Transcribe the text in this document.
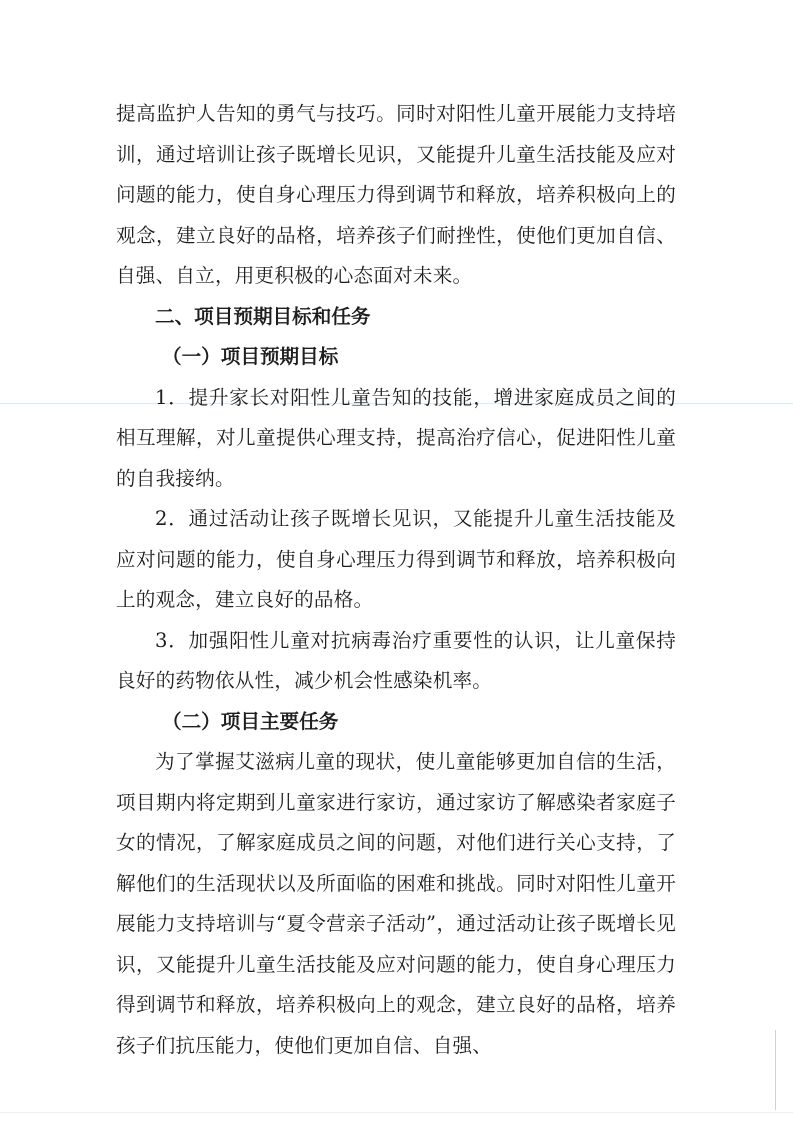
提高监护人告知的勇气与技巧。同时对阳性儿童开展能力支持培训，通过培训让孩子既增长见识，又能提升儿童生活技能及应对问题的能力，使自身心理压力得到调节和释放，培养积极向上的观念，建立良好的品格，培养孩子们耐挫性，使他们更加自信、自强、自立，用更积极的心态面对未来。

二、项目预期目标和任务

（一）项目预期目标

1．提升家长对阳性儿童告知的技能，增进家庭成员之间的相互理解，对儿童提供心理支持，提高治疗信心，促进阳性儿童的自我接纳。

2．通过活动让孩子既增长见识，又能提升儿童生活技能及应对问题的能力，使自身心理压力得到调节和释放，培养积极向上的观念，建立良好的品格。

3．加强阳性儿童对抗病毒治疗重要性的认识，让儿童保持良好的药物依从性，减少机会性感染机率。

（二）项目主要任务

为了掌握艾滋病儿童的现状，使儿童能够更加自信的生活，项目期内将定期到儿童家进行家访，通过家访了解感染者家庭子女的情况，了解家庭成员之间的问题，对他们进行关心支持，了解他们的生活现状以及所面临的困难和挑战。同时对阳性儿童开展能力支持培训与“夏令营亲子活动”，通过活动让孩子既增长见识，又能提升儿童生活技能及应对问题的能力，使自身心理压力得到调节和释放，培养积极向上的观念，建立良好的品格，培养孩子们抗压能力，使他们更加自信、自强、
